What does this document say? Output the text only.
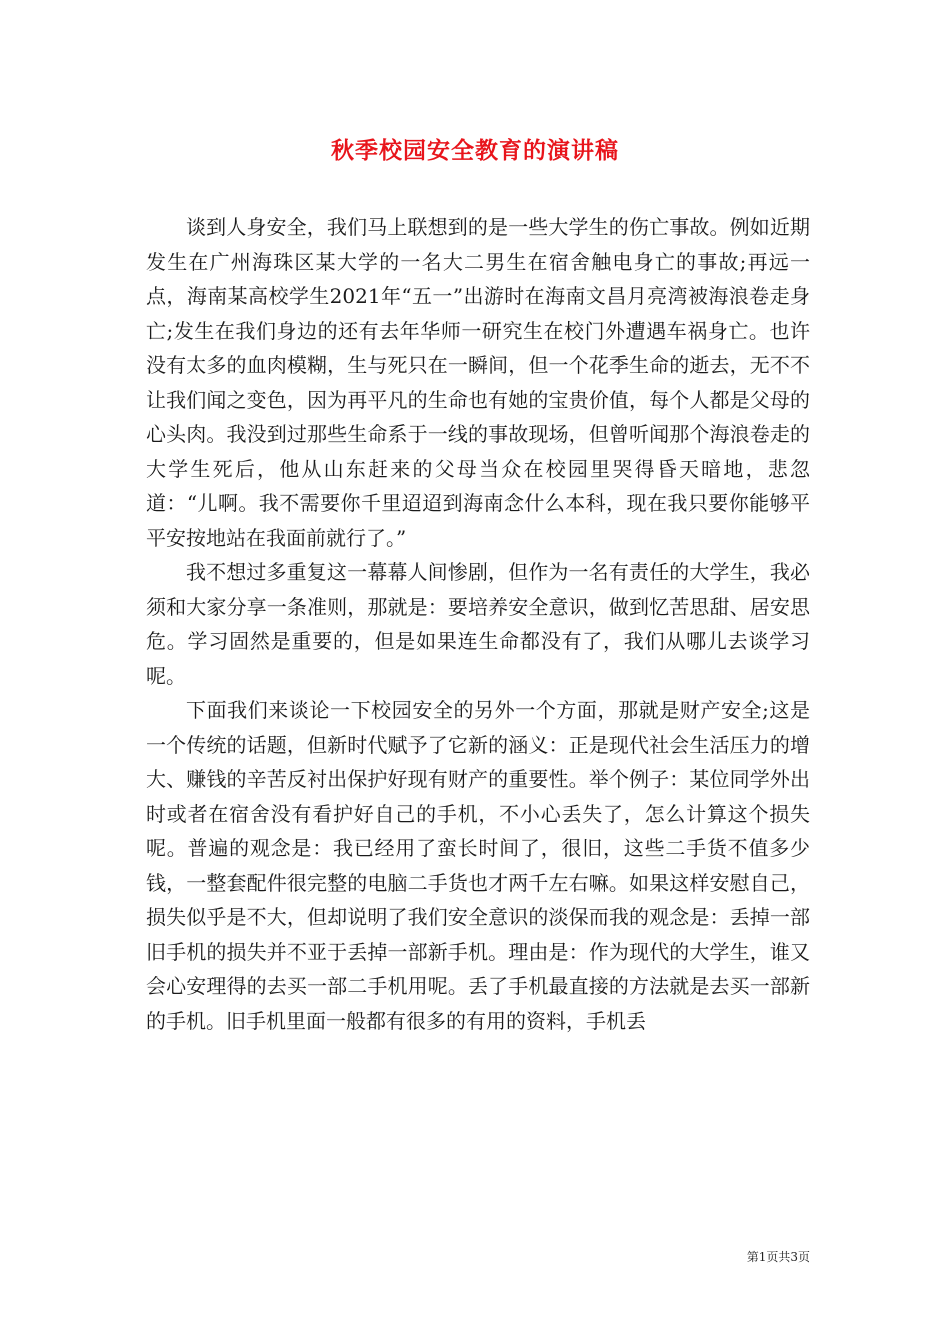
秋季校园安全教育的演讲稿

谈到人身安全，我们马上联想到的是一些大学生的伤亡事故。例如近期发生在广州海珠区某大学的一名大二男生在宿舍触电身亡的事故;再远一点，海南某高校学生2021年“五一”出游时在海南文昌月亮湾被海浪卷走身亡;发生在我们身边的还有去年华师一研究生在校门外遭遇车祸身亡。也许没有太多的血肉模糊，生与死只在一瞬间，但一个花季生命的逝去，无不不让我们闻之变色，因为再平凡的生命也有她的宝贵价值，每个人都是父母的心头肉。我没到过那些生命系于一线的事故现场，但曾听闻那个海浪卷走的大学生死后，他从山东赶来的父母当众在校园里哭得昏天暗地，悲忽道：“儿啊。我不需要你千里迢迢到海南念什么本科，现在我只要你能够平平安按地站在我面前就行了。”

我不想过多重复这一幕幕人间惨剧，但作为一名有责任的大学生，我必须和大家分享一条准则，那就是：要培养安全意识，做到忆苦思甜、居安思危。学习固然是重要的，但是如果连生命都没有了，我们从哪儿去谈学习呢。

下面我们来谈论一下校园安全的另外一个方面，那就是财产安全;这是一个传统的话题，但新时代赋予了它新的涵义：正是现代社会生活压力的增大、赚钱的辛苦反衬出保护好现有财产的重要性。举个例子：某位同学外出时或者在宿舍没有看护好自己的手机，不小心丢失了，怎么计算这个损失呢。普遍的观念是：我已经用了蛮长时间了，很旧，这些二手货不值多少钱，一整套配件很完整的电脑二手货也才两千左右嘛。如果这样安慰自己，损失似乎是不大，但却说明了我们安全意识的淡保而我的观念是：丢掉一部旧手机的损失并不亚于丢掉一部新手机。理由是：作为现代的大学生，谁又会心安理得的去买一部二手机用呢。丢了手机最直接的方法就是去买一部新的手机。旧手机里面一般都有很多的有用的资料，手机丢

第1页共3页
